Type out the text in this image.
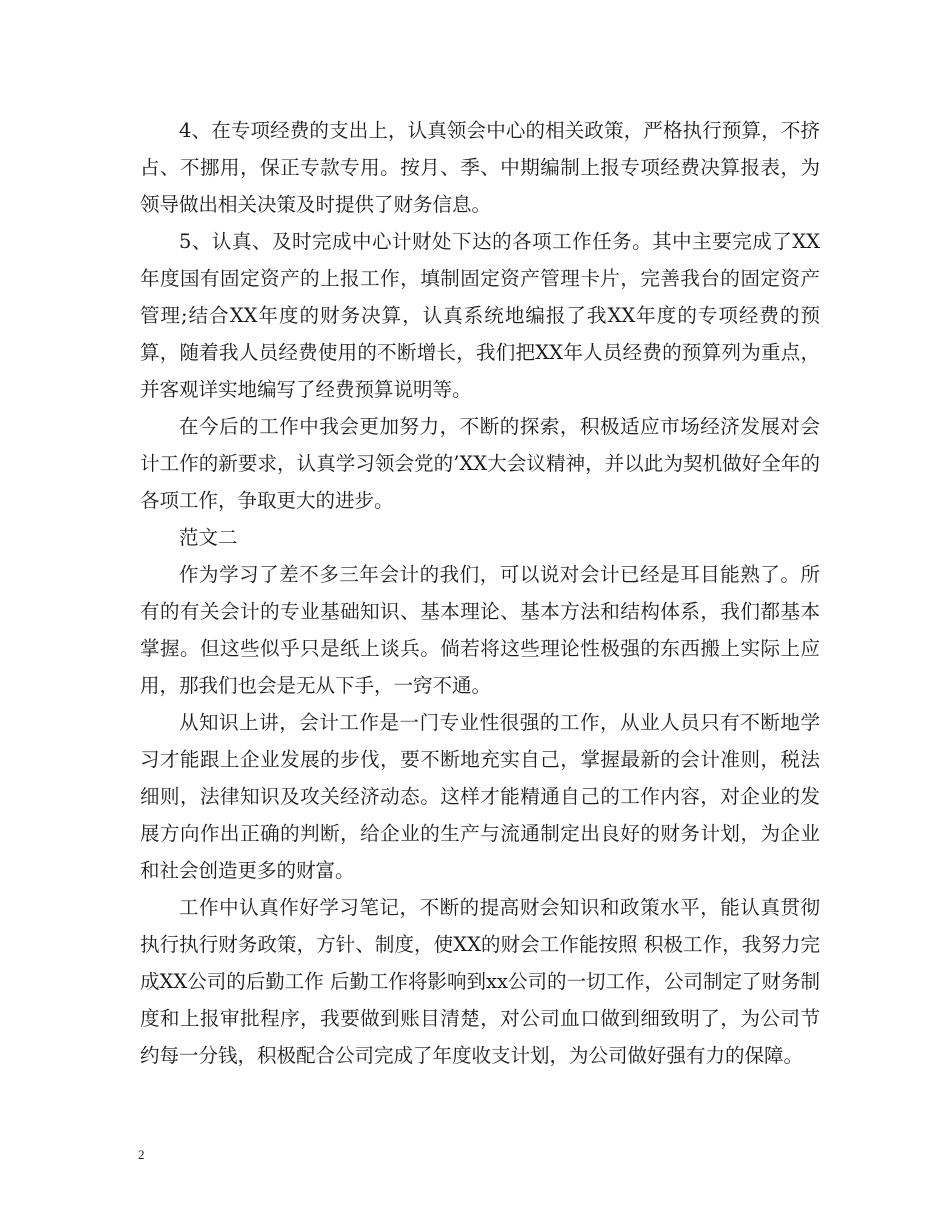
4、在专项经费的支出上，认真领会中心的相关政策，严格执行预算，不挤占、不挪用，保正专款专用。按月、季、中期编制上报专项经费决算报表，为领导做出相关决策及时提供了财务信息。

5、认真、及时完成中心计财处下达的各项工作任务。其中主要完成了XX年度国有固定资产的上报工作，填制固定资产管理卡片，完善我台的固定资产管理;结合XX年度的财务决算，认真系统地编报了我XX年度的专项经费的预算，随着我人员经费使用的不断增长，我们把XX年人员经费的预算列为重点，并客观详实地编写了经费预算说明等。

在今后的工作中我会更加努力，不断的探索，积极适应市场经济发展对会计工作的新要求，认真学习领会党的’XX大会议精神，并以此为契机做好全年的各项工作，争取更大的进步。

范文二

作为学习了差不多三年会计的我们，可以说对会计已经是耳目能熟了。所有的有关会计的专业基础知识、基本理论、基本方法和结构体系，我们都基本掌握。但这些似乎只是纸上谈兵。倘若将这些理论性极强的东西搬上实际上应用，那我们也会是无从下手，一窍不通。

从知识上讲，会计工作是一门专业性很强的工作，从业人员只有不断地学习才能跟上企业发展的步伐，要不断地充实自己，掌握最新的会计准则，税法细则，法律知识及攻关经济动态。这样才能精通自己的工作内容，对企业的发展方向作出正确的判断，给企业的生产与流通制定出良好的财务计划，为企业和社会创造更多的财富。

工作中认真作好学习笔记，不断的提高财会知识和政策水平，能认真贯彻执行执行财务政策，方针、制度，使XX的财会工作能按照 积极工作，我努力完成XX公司的后勤工作 后勤工作将影响到xx公司的一切工作，公司制定了财务制度和上报审批程序，我要做到账目清楚，对公司血口做到细致明了，为公司节约每一分钱，积极配合公司完成了年度收支计划，为公司做好强有力的保障。

2
